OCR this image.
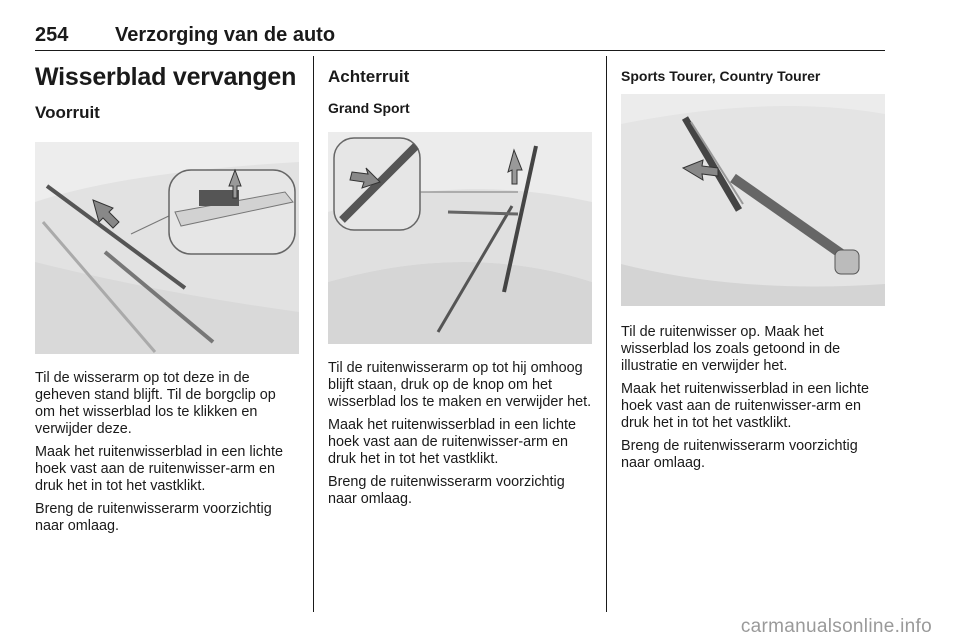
254 Verzorging van de auto
Wisserblad vervangen
Voorruit

Til de wisserarm op tot deze in de geheven stand blijft. Til de borgclip op om het wisserblad los te klikken en verwijder deze.

Maak het ruitenwisserblad in een lichte hoek vast aan de ruitenwisser-arm en druk het in tot het vastklikt.

Breng de ruitenwisserarm voorzichtig naar omlaag.

Achterruit
Grand Sport

Til de ruitenwisserarm op tot hij omhoog blijft staan, druk op de knop om het wisserblad los te maken en verwijder het.

Maak het ruitenwisserblad in een lichte hoek vast aan de ruitenwisser-arm en druk het in tot het vastklikt.

Breng de ruitenwisserarm voorzichtig naar omlaag.

Sports Tourer, Country Tourer

Til de ruitenwisser op. Maak het wisserblad los zoals getoond in de illustratie en verwijder het.

Maak het ruitenwisserblad in een lichte hoek vast aan de ruitenwisser-arm en druk het in tot het vastklikt.

Breng de ruitenwisserarm voorzichtig naar omlaag.

carmanualsonline.info
